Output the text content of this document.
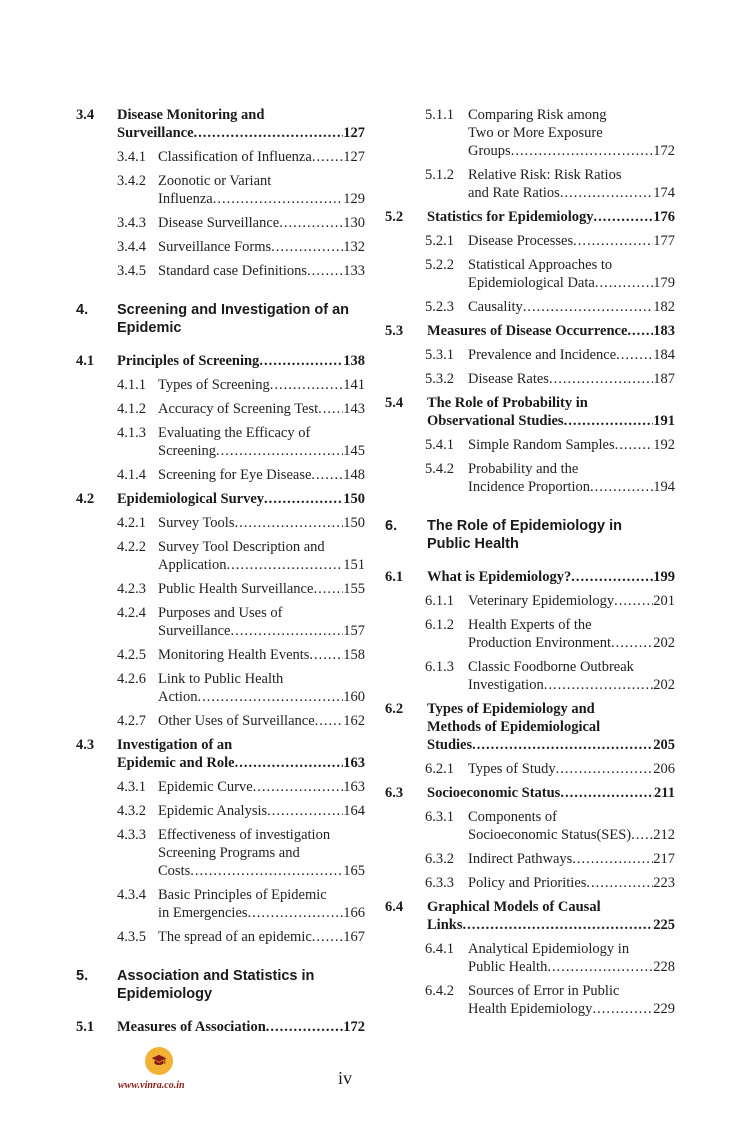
3.4 Disease Monitoring and
Surveillance .....	127
3.4.1 Classification of Influenza ..... 127
3.4.2 Zoonotic or Variant
Influenza .....	129
3.4.3 Disease Surveillance .....	130
3.4.4 Surveillance Forms .....	132
3.4.5 Standard case Definitions .....	133
4. Screening and Investigation of an
Epidemic
4.1 Principles of Screening .....	138
4.1.1 Types of Screening .....	141
4.1.2 Accuracy of Screening Test ..... 143
4.1.3 Evaluating the Efficacy of
Screening .....	145
4.1.4 Screening for Eye Disease ..... 148
4.2 Epidemiological Survey .....	150
4.2.1 Survey Tools .....	150
4.2.2 Survey Tool Description and
Application .....	151
4.2.3 Public Health Surveillance ..... 155
4.2.4 Purposes and Uses of
Surveillance .....	157
4.2.5 Monitoring Health Events ..... 158
4.2.6 Link to Public Health
Action .....	160
4.2.7 Other Uses of Surveillance ..... 162
4.3 Investigation of an
Epidemic and Role .....	163
4.3.1 Epidemic Curve .....	163
4.3.2 Epidemic Analysis .....	164
4.3.3 Effectiveness of investigation
Screening Programs and
Costs .....	165
4.3.4 Basic Principles of Epidemic
in Emergencies .....	166
4.3.5 The spread of an epidemic ..... 167
5. Association and Statistics in
Epidemiology
5.1 Measures of Association .....	172
5.1.1 Comparing Risk among
Two or More Exposure
Groups .....	172
5.1.2 Relative Risk: Risk Ratios
and Rate Ratios .....	174
5.2 Statistics for Epidemiology .....	176
5.2.1 Disease Processes .....	177
5.2.2 Statistical Approaches to
Epidemiological Data .....	179
5.2.3 Causality .....	182
5.3 Measures of Disease Occurrence ..... 183
5.3.1 Prevalence and Incidence .....	184
5.3.2 Disease Rates .....	187
5.4 The Role of Probability in
Observational Studies .....	191
5.4.1 Simple Random Samples .....	192
5.4.2 Probability and the
Incidence Proportion .....	194
6. The Role of Epidemiology in
Public Health
6.1 What is Epidemiology? .....	199
6.1.1 Veterinary Epidemiology .....	201
6.1.2 Health Experts of the
Production Environment .....	202
6.1.3 Classic Foodborne Outbreak
Investigation .....	202
6.2 Types of Epidemiology and
Methods of Epidemiological
Studies .....	205
6.2.1 Types of Study .....	206
6.3 Socioeconomic Status .....	211
6.3.1 Components of
Socioeconomic Status(SES) ..... 212
6.3.2 Indirect Pathways .....	217
6.3.3 Policy and Priorities .....	223
6.4 Graphical Models of Causal
Links .....	225
6.4.1 Analytical Epidemiology in
Public Health .....	228
6.4.2 Sources of Error in Public
Health Epidemiology .....	229
www.vinra.co.in	iv
